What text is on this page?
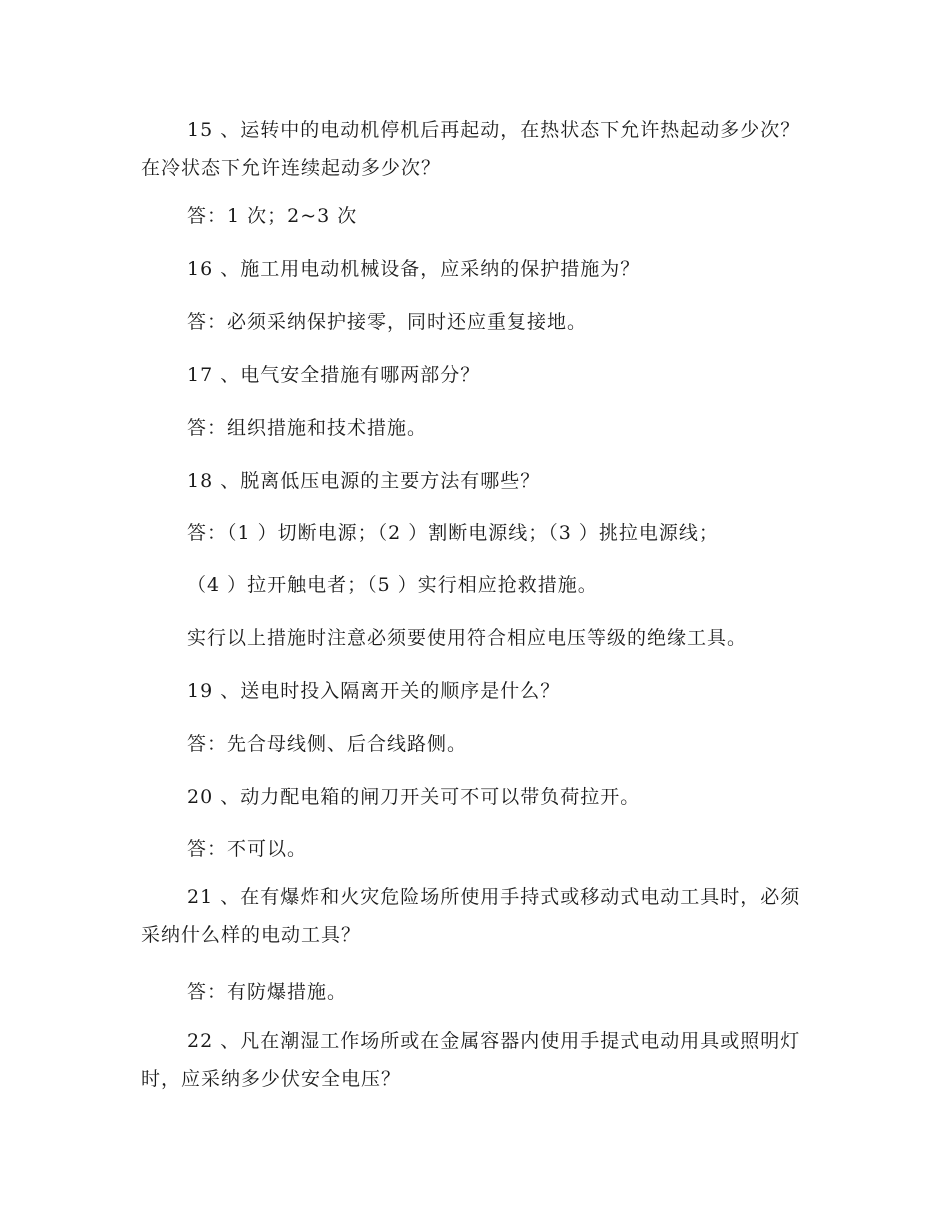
15 、运转中的电动机停机后再起动，在热状态下允许热起动多少次？在冷状态下允许连续起动多少次？
答：1 次；2~3 次
16 、施工用电动机械设备，应采纳的保护措施为？
答：必须采纳保护接零，同时还应重复接地。
17 、电气安全措施有哪两部分？
答：组织措施和技术措施。
18 、脱离低压电源的主要方法有哪些？
答：（1 ）切断电源；（2 ）割断电源线；（3 ）挑拉电源线；
（4 ）拉开触电者；（5 ）实行相应抢救措施。
实行以上措施时注意必须要使用符合相应电压等级的绝缘工具。
19 、送电时投入隔离开关的顺序是什么？
答：先合母线侧、后合线路侧。
20 、动力配电箱的闸刀开关可不可以带负荷拉开。
答：不可以。
21 、在有爆炸和火灾危险场所使用手持式或移动式电动工具时，必须采纳什么样的电动工具？
答：有防爆措施。
22 、凡在潮湿工作场所或在金属容器内使用手提式电动用具或照明灯时，应采纳多少伏安全电压？
